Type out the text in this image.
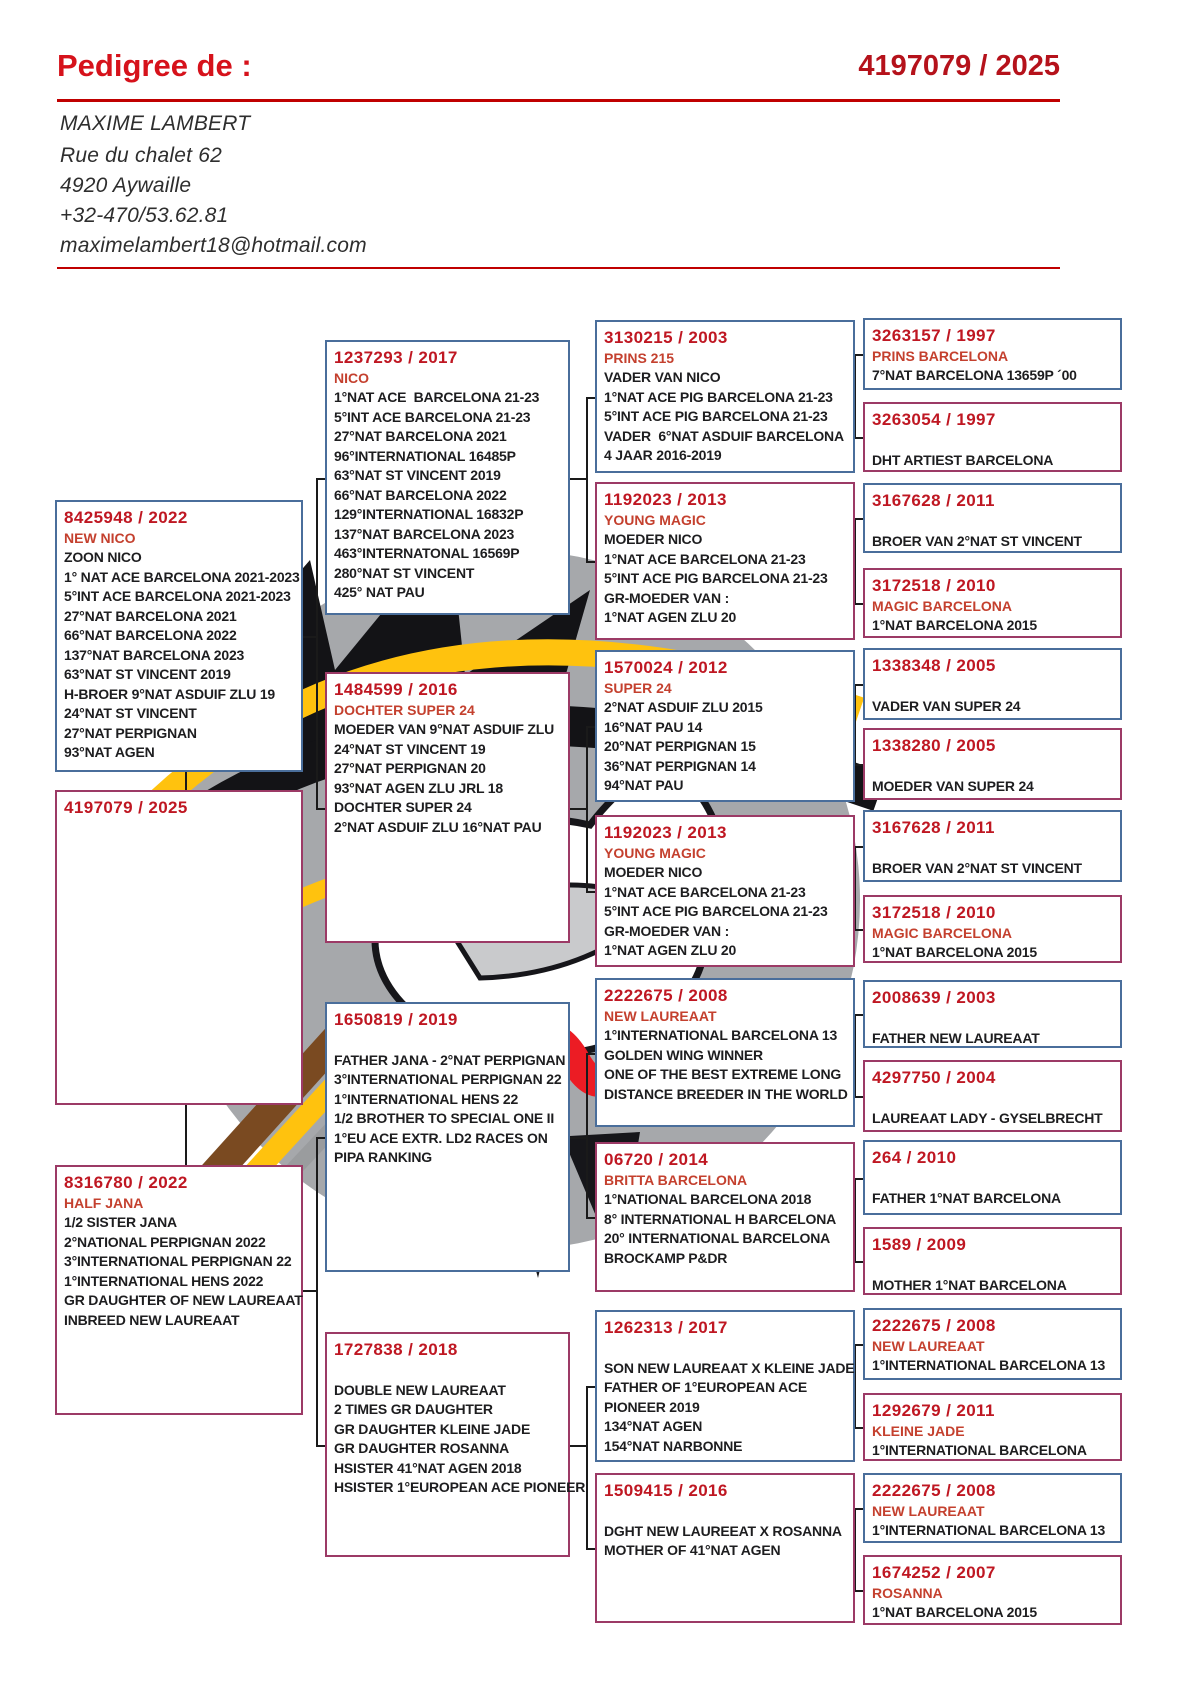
Pedigree de :	4197079 / 2025
MAXIME LAMBERT
Rue du chalet 62
4920 Aywaille
+32-470/53.62.81
maximelambert18@hotmail.com
8425948 / 2022
NEW NICO
ZOON NICO
1° NAT ACE BARCELONA 2021-2023
5°INT ACE BARCELONA 2021-2023
27°NAT BARCELONA 2021
66°NAT BARCELONA 2022
137°NAT BARCELONA 2023
63°NAT ST VINCENT 2019
H-BROER 9°NAT ASDUIF ZLU 19
24°NAT ST VINCENT
27°NAT PERPIGNAN
93°NAT AGEN
4197079 / 2025
8316780 / 2022
HALF JANA
1/2 SISTER JANA
2°NATIONAL PERPIGNAN 2022
3°INTERNATIONAL PERPIGNAN 22
1°INTERNATIONAL HENS 2022
GR DAUGHTER OF NEW LAUREAAT
INBREED NEW LAUREAAT
1237293 / 2017
NICO
1°NAT ACE  BARCELONA 21-23
5°INT ACE BARCELONA 21-23
27°NAT BARCELONA 2021
96°INTERNATIONAL 16485P
63°NAT ST VINCENT 2019
66°NAT BARCELONA 2022
129°INTERNATIONAL 16832P
137°NAT BARCELONA 2023
463°INTERNATONAL 16569P
280°NAT ST VINCENT
425° NAT PAU
1484599 / 2016
DOCHTER SUPER 24
MOEDER VAN 9°NAT ASDUIF ZLU
24°NAT ST VINCENT 19
27°NAT PERPIGNAN 20
93°NAT AGEN ZLU JRL 18
DOCHTER SUPER 24
2°NAT ASDUIF ZLU 16°NAT PAU
1650819 / 2019

FATHER JANA - 2°NAT PERPIGNAN
3°INTERNATIONAL PERPIGNAN 22
1°INTERNATIONAL HENS 22
1/2 BROTHER TO SPECIAL ONE II
1°EU ACE EXTR. LD2 RACES ON
PIPA RANKING
1727838 / 2018

DOUBLE NEW LAUREAAT
2 TIMES GR DAUGHTER
GR DAUGHTER KLEINE JADE
GR DAUGHTER ROSANNA
HSISTER 41°NAT AGEN 2018
HSISTER 1°EUROPEAN ACE PIONEER
3130215 / 2003
PRINS 215
VADER VAN NICO
1°NAT ACE PIG BARCELONA 21-23
5°INT ACE PIG BARCELONA 21-23
VADER  6°NAT ASDUIF BARCELONA
4 JAAR 2016-2019
1192023 / 2013
YOUNG MAGIC
MOEDER NICO
1°NAT ACE BARCELONA 21-23
5°INT ACE PIG BARCELONA 21-23
GR-MOEDER VAN :
1°NAT AGEN ZLU 20
1570024 / 2012
SUPER 24
2°NAT ASDUIF ZLU 2015
16°NAT PAU 14
20°NAT PERPIGNAN 15
36°NAT PERPIGNAN 14
94°NAT PAU
1192023 / 2013
YOUNG MAGIC
MOEDER NICO
1°NAT ACE BARCELONA 21-23
5°INT ACE PIG BARCELONA 21-23
GR-MOEDER VAN :
1°NAT AGEN ZLU 20
2222675 / 2008
NEW LAUREAAT
1°INTERNATIONAL BARCELONA 13
GOLDEN WING WINNER
ONE OF THE BEST EXTREME LONG
DISTANCE BREEDER IN THE WORLD
06720 / 2014
BRITTA BARCELONA
1°NATIONAL BARCELONA 2018
8° INTERNATIONAL H BARCELONA
20° INTERNATIONAL BARCELONA
BROCKAMP P&DR
1262313 / 2017

SON NEW LAUREAAT X KLEINE JADE
FATHER OF 1°EUROPEAN ACE
PIONEER 2019
134°NAT AGEN
154°NAT NARBONNE
1509415 / 2016

DGHT NEW LAUREEAT X ROSANNA
MOTHER OF 41°NAT AGEN
3263157 / 1997
PRINS BARCELONA
7°NAT BARCELONA 13659P ´00
3263054 / 1997

DHT ARTIEST BARCELONA
3167628 / 2011

BROER VAN 2°NAT ST VINCENT
3172518 / 2010
MAGIC BARCELONA
1°NAT BARCELONA 2015
1338348 / 2005

VADER VAN SUPER 24
1338280 / 2005

MOEDER VAN SUPER 24
3167628 / 2011

BROER VAN 2°NAT ST VINCENT
3172518 / 2010
MAGIC BARCELONA
1°NAT BARCELONA 2015
2008639 / 2003

FATHER NEW LAUREAAT
4297750 / 2004

LAUREAAT LADY - GYSELBRECHT
264 / 2010

FATHER 1°NAT BARCELONA
1589 / 2009

MOTHER 1°NAT BARCELONA
2222675 / 2008
NEW LAUREAAT
1°INTERNATIONAL BARCELONA 13
1292679 / 2011
KLEINE JADE
1°INTERNATIONAL BARCELONA
2222675 / 2008
NEW LAUREAAT
1°INTERNATIONAL BARCELONA 13
1674252 / 2007
ROSANNA
1°NAT BARCELONA 2015
